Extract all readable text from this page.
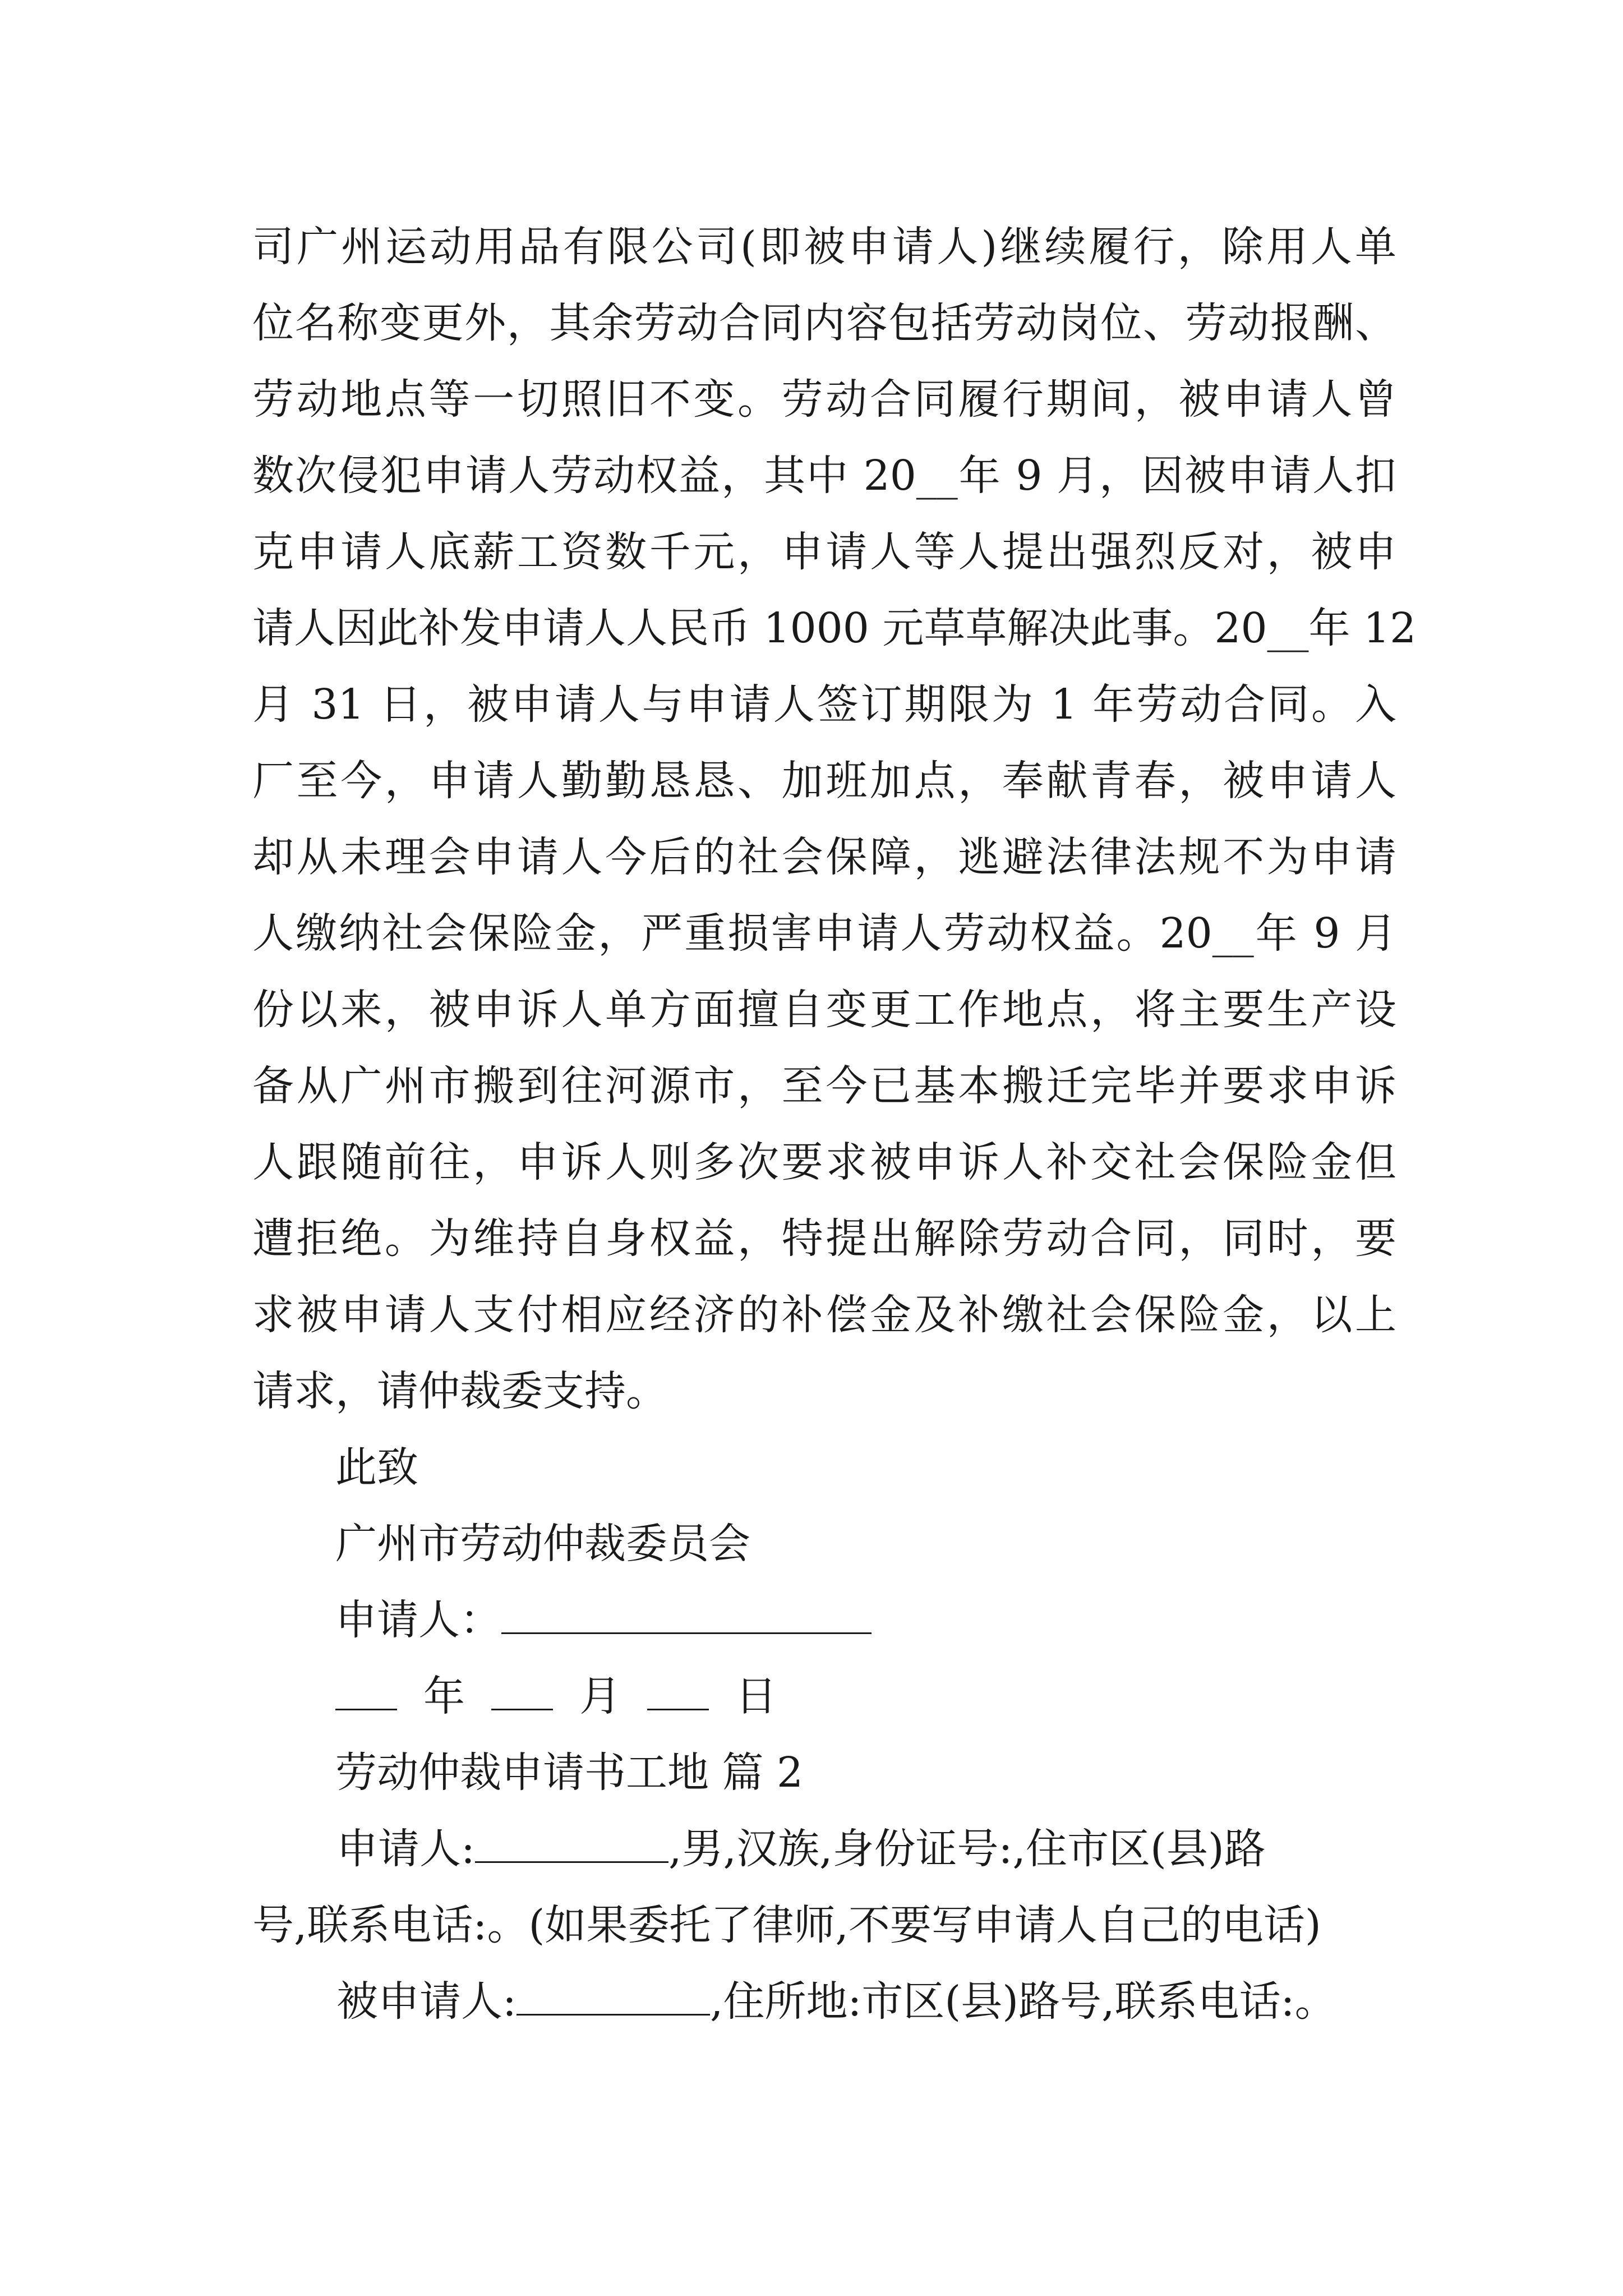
司广州运动用品有限公司(即被申请人)继续履行，除用人单
位名称变更外，其余劳动合同内容包括劳动岗位、劳动报酬、
劳动地点等一切照旧不变。劳动合同履行期间，被申请人曾
数次侵犯申请人劳动权益，其中 20__年 9 月，因被申请人扣
克申请人底薪工资数千元，申请人等人提出强烈反对，被申
请人因此补发申请人人民币 1000 元草草解决此事。20__年 12
月 31 日，被申请人与申请人签订期限为 1 年劳动合同。入
厂至今，申请人勤勤恳恳、加班加点，奉献青春，被申请人
却从未理会申请人今后的社会保障，逃避法律法规不为申请
人缴纳社会保险金，严重损害申请人劳动权益。20__年 9 月
份以来，被申诉人单方面擅自变更工作地点，将主要生产设
备从广州市搬到往河源市，至今已基本搬迁完毕并要求申诉
人跟随前往，申诉人则多次要求被申诉人补交社会保险金但
遭拒绝。为维持自身权益，特提出解除劳动合同，同时，要
求被申请人支付相应经济的补偿金及补缴社会保险金，以上
请求，请仲裁委支持。
此致
广州市劳动仲裁委员会
申请人：
年	月	日
劳动仲裁申请书工地 篇 2
申请人:	,男,汉族,身份证号:,住市区(县)路
号,联系电话:。(如果委托了律师,不要写申请人自己的电话)
被申请人:	,住所地:市区(县)路号,联系电话:。
